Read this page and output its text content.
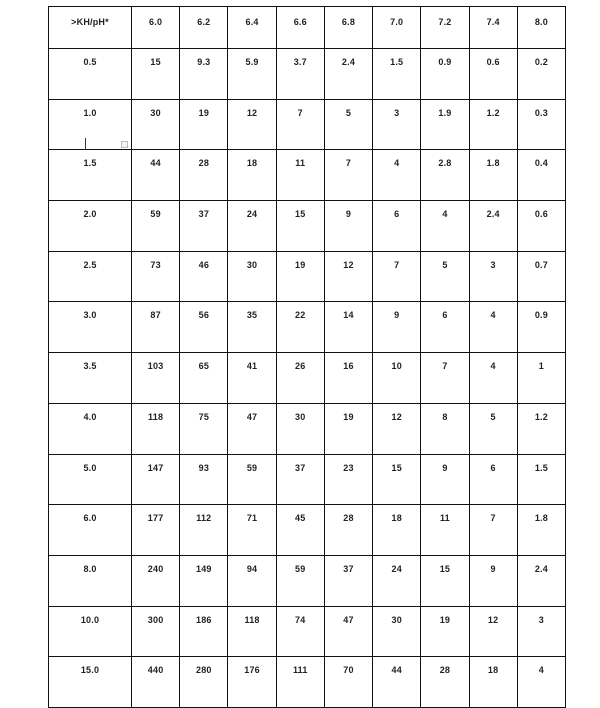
>KH/pH*	6.0	6.2	6.4	6.6	6.8	7.0	7.2	7.4	8.0
0.5	15	9.3	5.9	3.7	2.4	1.5	0.9	0.6	0.2
1.0	30	19	12	7	5	3	1.9	1.2	0.3
1.5	44	28	18	11	7	4	2.8	1.8	0.4
2.0	59	37	24	15	9	6	4	2.4	0.6
2.5	73	46	30	19	12	7	5	3	0.7
3.0	87	56	35	22	14	9	6	4	0.9
3.5	103	65	41	26	16	10	7	4	1
4.0	118	75	47	30	19	12	8	5	1.2
5.0	147	93	59	37	23	15	9	6	1.5
6.0	177	112	71	45	28	18	11	7	1.8
8.0	240	149	94	59	37	24	15	9	2.4
10.0	300	186	118	74	47	30	19	12	3
15.0	440	280	176	111	70	44	28	18	4
